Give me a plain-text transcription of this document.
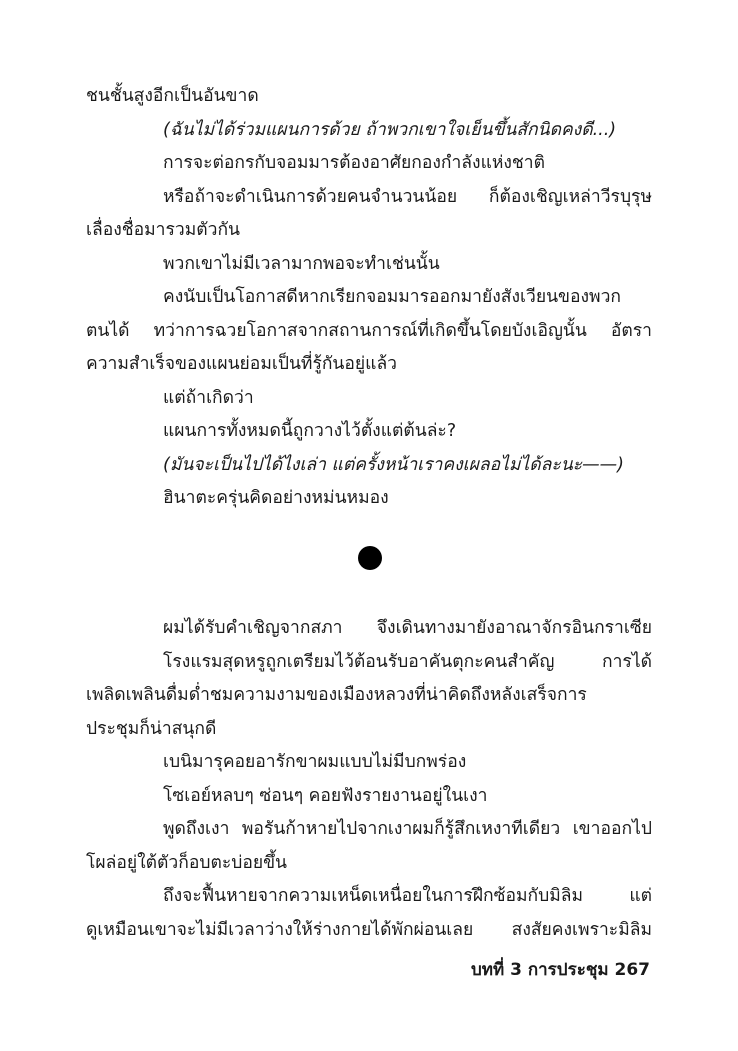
ชนชั้นสูงอีกเป็นอันขาด
(ฉันไม่ได้ร่วมแผนการด้วย ถ้าพวกเขาใจเย็นขึ้นสักนิดคงดี...)
การจะต่อกรกับจอมมารต้องอาศัยกองกำลังแห่งชาติ
หรือถ้าจะดำเนินการด้วยคนจำนวนน้อย ก็ต้องเชิญเหล่าวีรบุรุษ
เลื่องชื่อมารวมตัวกัน
พวกเขาไม่มีเวลามากพอจะทำเช่นนั้น
คงนับเป็นโอกาสดีหากเรียกจอมมารออกมายังสังเวียนของพวก
ตนได้ ทว่าการฉวยโอกาสจากสถานการณ์ที่เกิดขึ้นโดยบังเอิญนั้น อัตรา
ความสำเร็จของแผนย่อมเป็นที่รู้กันอยู่แล้ว
แต่ถ้าเกิดว่า
แผนการทั้งหมดนี้ถูกวางไว้ตั้งแต่ต้นล่ะ?
(มันจะเป็นไปได้ไงเล่า แต่ครั้งหน้าเราคงเผลอไม่ได้ละนะ——)
ฮินาตะครุ่นคิดอย่างหม่นหมอง
ผมได้รับคำเชิญจากสภา จึงเดินทางมายังอาณาจักรอินกราเซีย
โรงแรมสุดหรูถูกเตรียมไว้ต้อนรับอาคันตุกะคนสำคัญ การได้
เพลิดเพลินดื่มด่ำชมความงามของเมืองหลวงที่น่าคิดถึงหลังเสร็จการ
ประชุมก็น่าสนุกดี
เบนิมารุคอยอารักขาผมแบบไม่มีบกพร่อง
โซเอย์หลบๆ ซ่อนๆ คอยฟังรายงานอยู่ในเงา
พูดถึงเงา พอรันก้าหายไปจากเงาผมก็รู้สึกเหงาทีเดียว เขาออกไป
โผล่อยู่ใต้ตัวก็อบตะบ่อยขึ้น
ถึงจะฟื้นหายจากความเหน็ดเหนื่อยในการฝึกซ้อมกับมิลิม แต่
ดูเหมือนเขาจะไม่มีเวลาว่างให้ร่างกายได้พักผ่อนเลย สงสัยคงเพราะมิลิม
บทที่ 3 การประชุม 267
